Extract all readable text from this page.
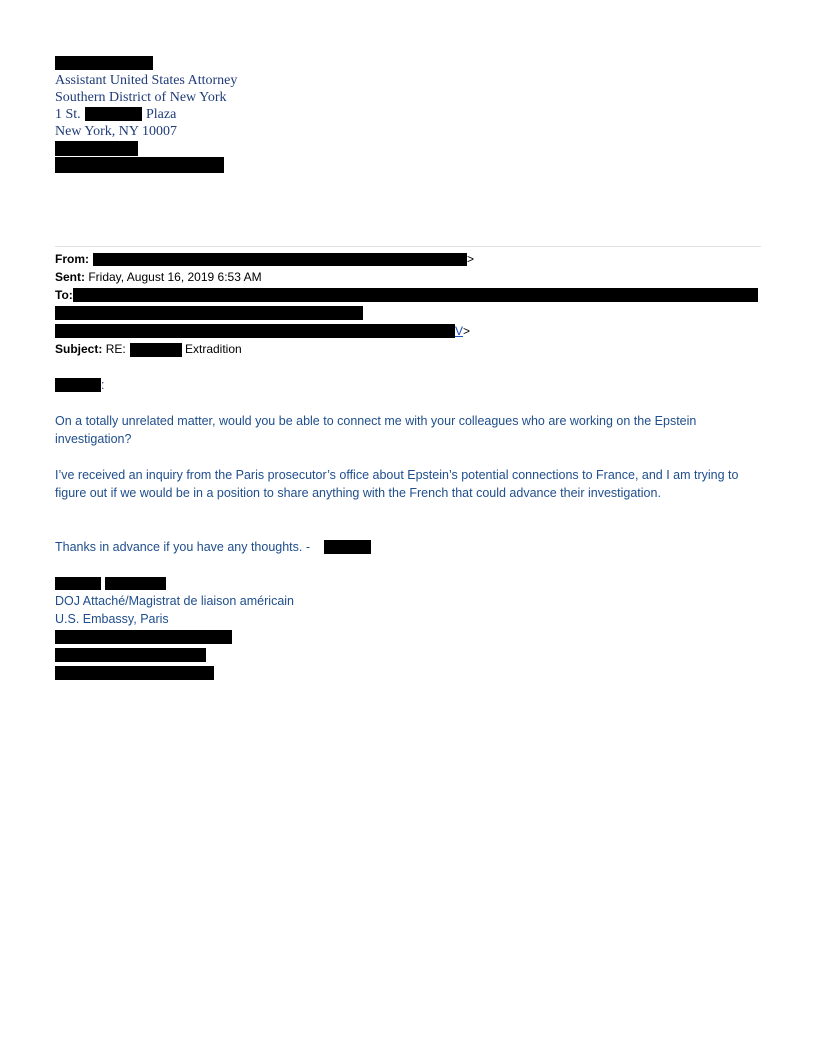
Assistant United States Attorney
Southern District of New York
1 St.	Plaza
New York, NY 10007
From:	>
Sent: Friday, August 16, 2019 6:53 AM
To:
V>
Subject: RE:	Extradition
:
On a totally unrelated matter, would you be able to connect me with your colleagues who are working on the Epstein investigation?
I’ve received an inquiry from the Paris prosecutor’s office about Epstein’s potential connections to France, and I am trying to figure out if we would be in a position to share anything with the French that could advance their investigation.
Thanks in advance if you have any thoughts. -
DOJ Attaché/Magistrat de liaison américain
U.S. Embassy, Paris
